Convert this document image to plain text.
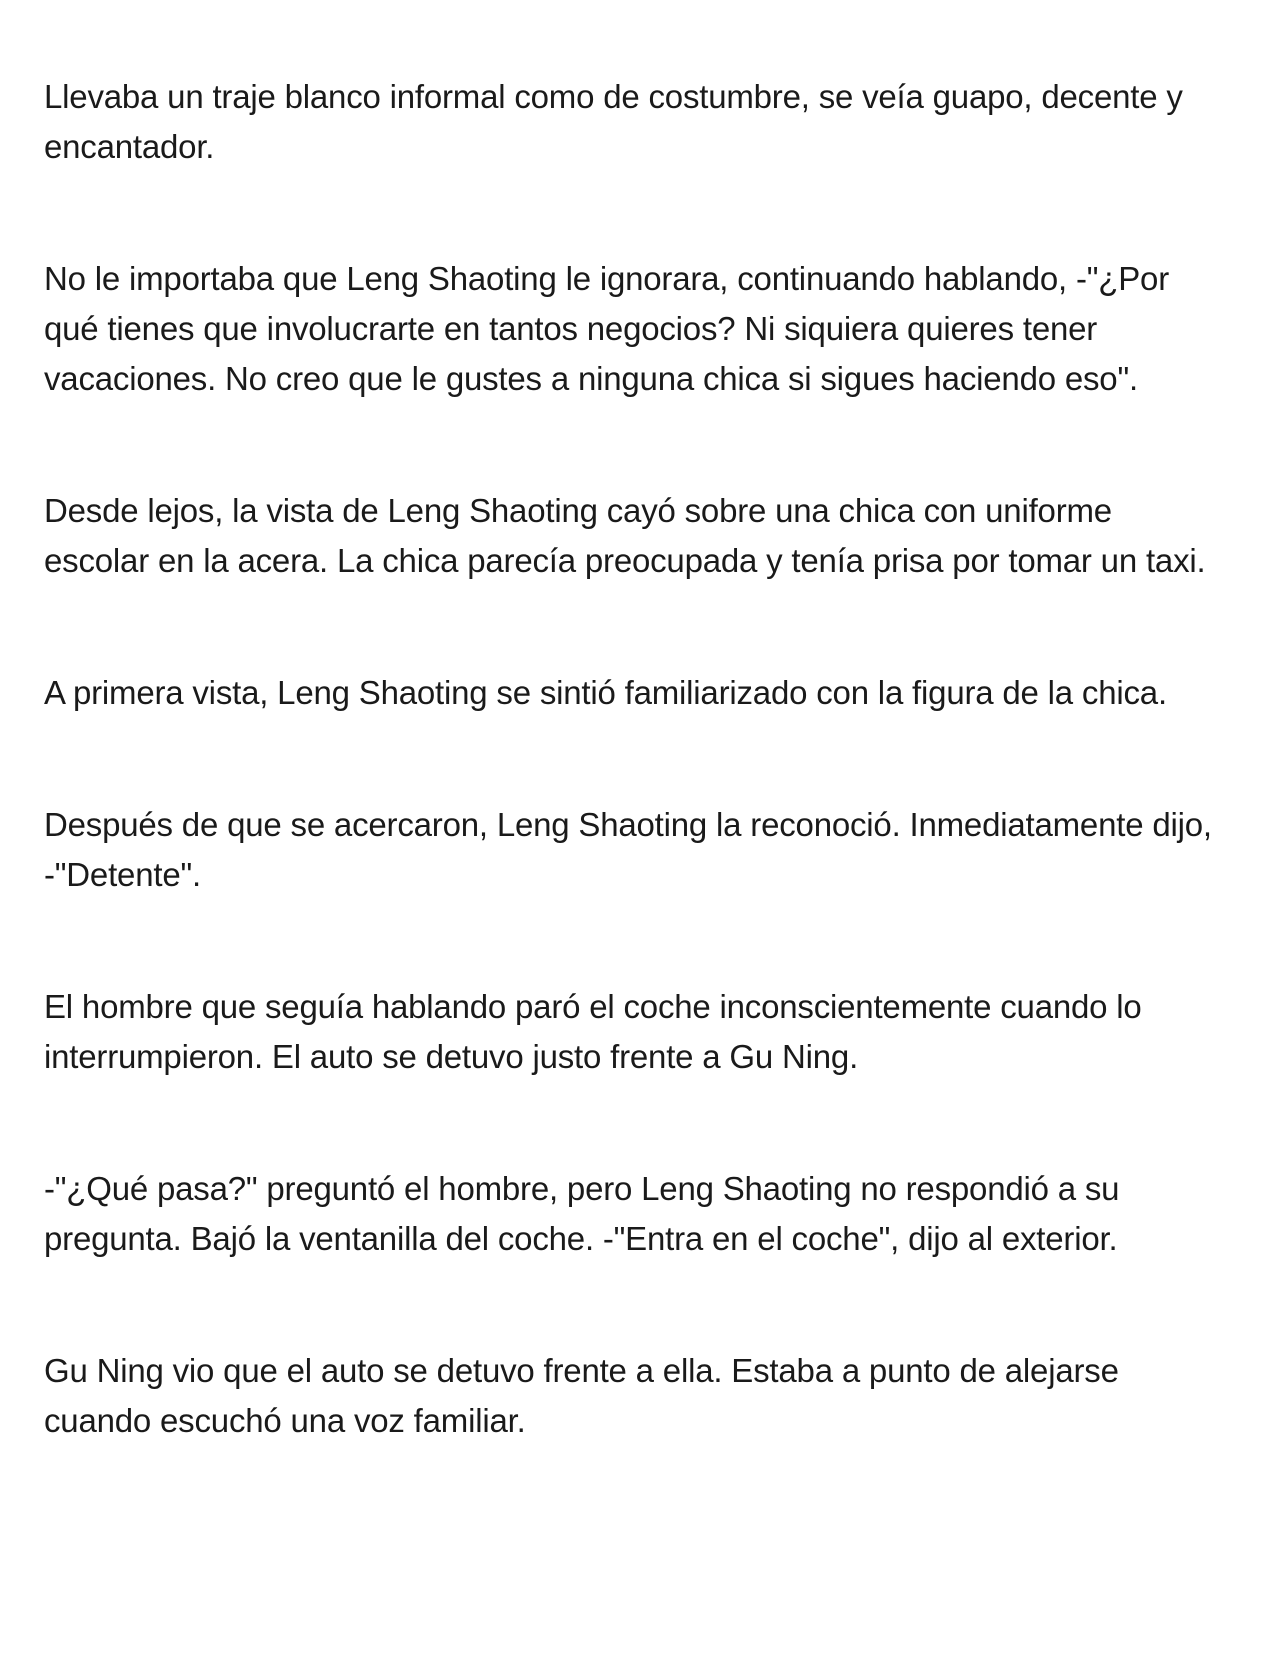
Llevaba un traje blanco informal como de costumbre, se veía guapo, decente y encantador.

No le importaba que Leng Shaoting le ignorara, continuando hablando, -"¿Por qué tienes que involucrarte en tantos negocios? Ni siquiera quieres tener vacaciones. No creo que le gustes a ninguna chica si sigues haciendo eso".

Desde lejos, la vista de Leng Shaoting cayó sobre una chica con uniforme escolar en la acera. La chica parecía preocupada y tenía prisa por tomar un taxi.

A primera vista, Leng Shaoting se sintió familiarizado con la figura de la chica.

Después de que se acercaron, Leng Shaoting la reconoció. Inmediatamente dijo, -"Detente".

El hombre que seguía hablando paró el coche inconscientemente cuando lo interrumpieron. El auto se detuvo justo frente a Gu Ning.

-"¿Qué pasa?" preguntó el hombre, pero Leng Shaoting no respondió a su pregunta. Bajó la ventanilla del coche. -"Entra en el coche", dijo al exterior.

Gu Ning vio que el auto se detuvo frente a ella. Estaba a punto de alejarse cuando escuchó una voz familiar.
